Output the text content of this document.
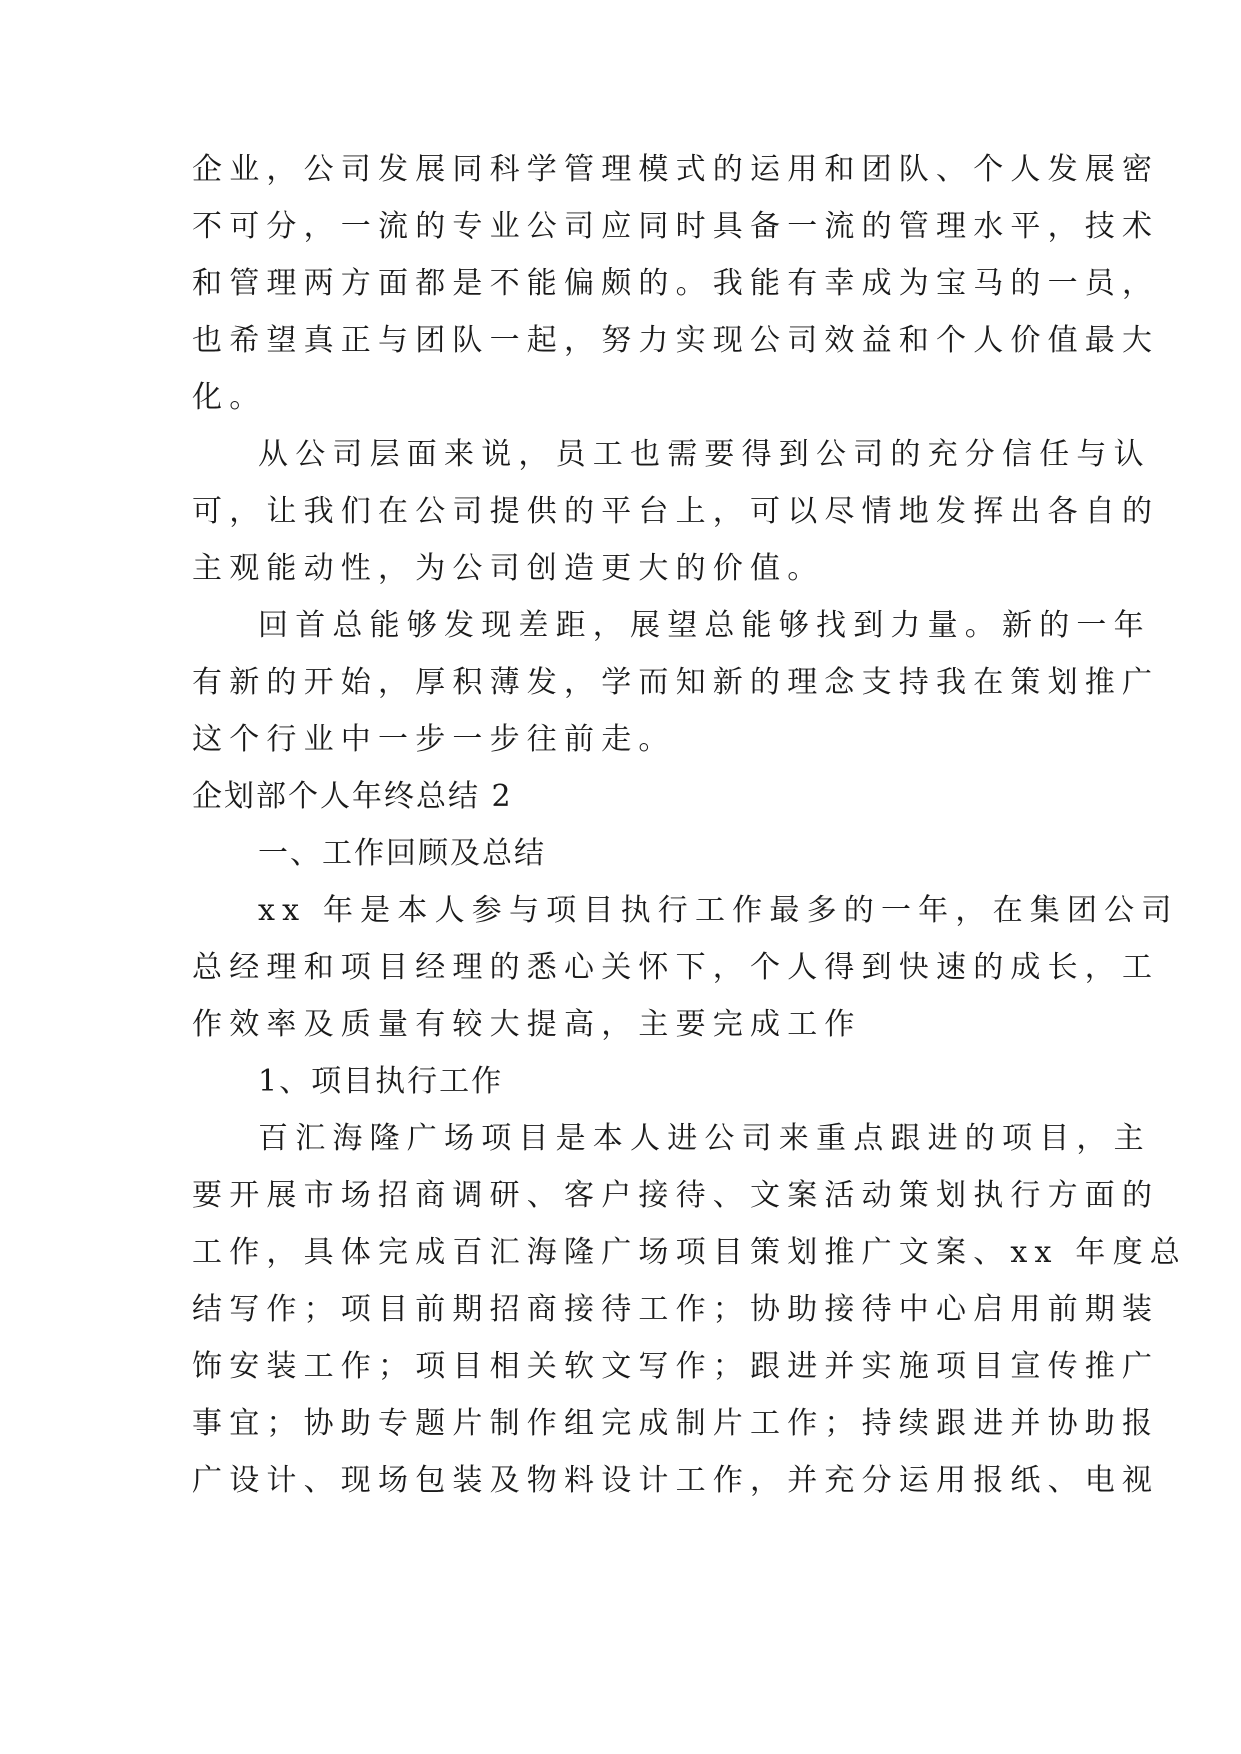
企业，公司发展同科学管理模式的运用和团队、个人发展密
不可分，一流的专业公司应同时具备一流的管理水平，技术
和管理两方面都是不能偏颇的。我能有幸成为宝马的一员，
也希望真正与团队一起，努力实现公司效益和个人价值最大
化。
从公司层面来说，员工也需要得到公司的充分信任与认
可，让我们在公司提供的平台上，可以尽情地发挥出各自的
主观能动性，为公司创造更大的价值。
回首总能够发现差距，展望总能够找到力量。新的一年
有新的开始，厚积薄发，学而知新的理念支持我在策划推广
这个行业中一步一步往前走。
企划部个人年终总结 2
一、工作回顾及总结
xx 年是本人参与项目执行工作最多的一年，在集团公司
总经理和项目经理的悉心关怀下，个人得到快速的成长，工
作效率及质量有较大提高，主要完成工作
1、项目执行工作
百汇海隆广场项目是本人进公司来重点跟进的项目，主
要开展市场招商调研、客户接待、文案活动策划执行方面的
工作，具体完成百汇海隆广场项目策划推广文案、xx 年度总
结写作；项目前期招商接待工作；协助接待中心启用前期装
饰安装工作；项目相关软文写作；跟进并实施项目宣传推广
事宜；协助专题片制作组完成制片工作；持续跟进并协助报
广设计、现场包装及物料设计工作，并充分运用报纸、电视
